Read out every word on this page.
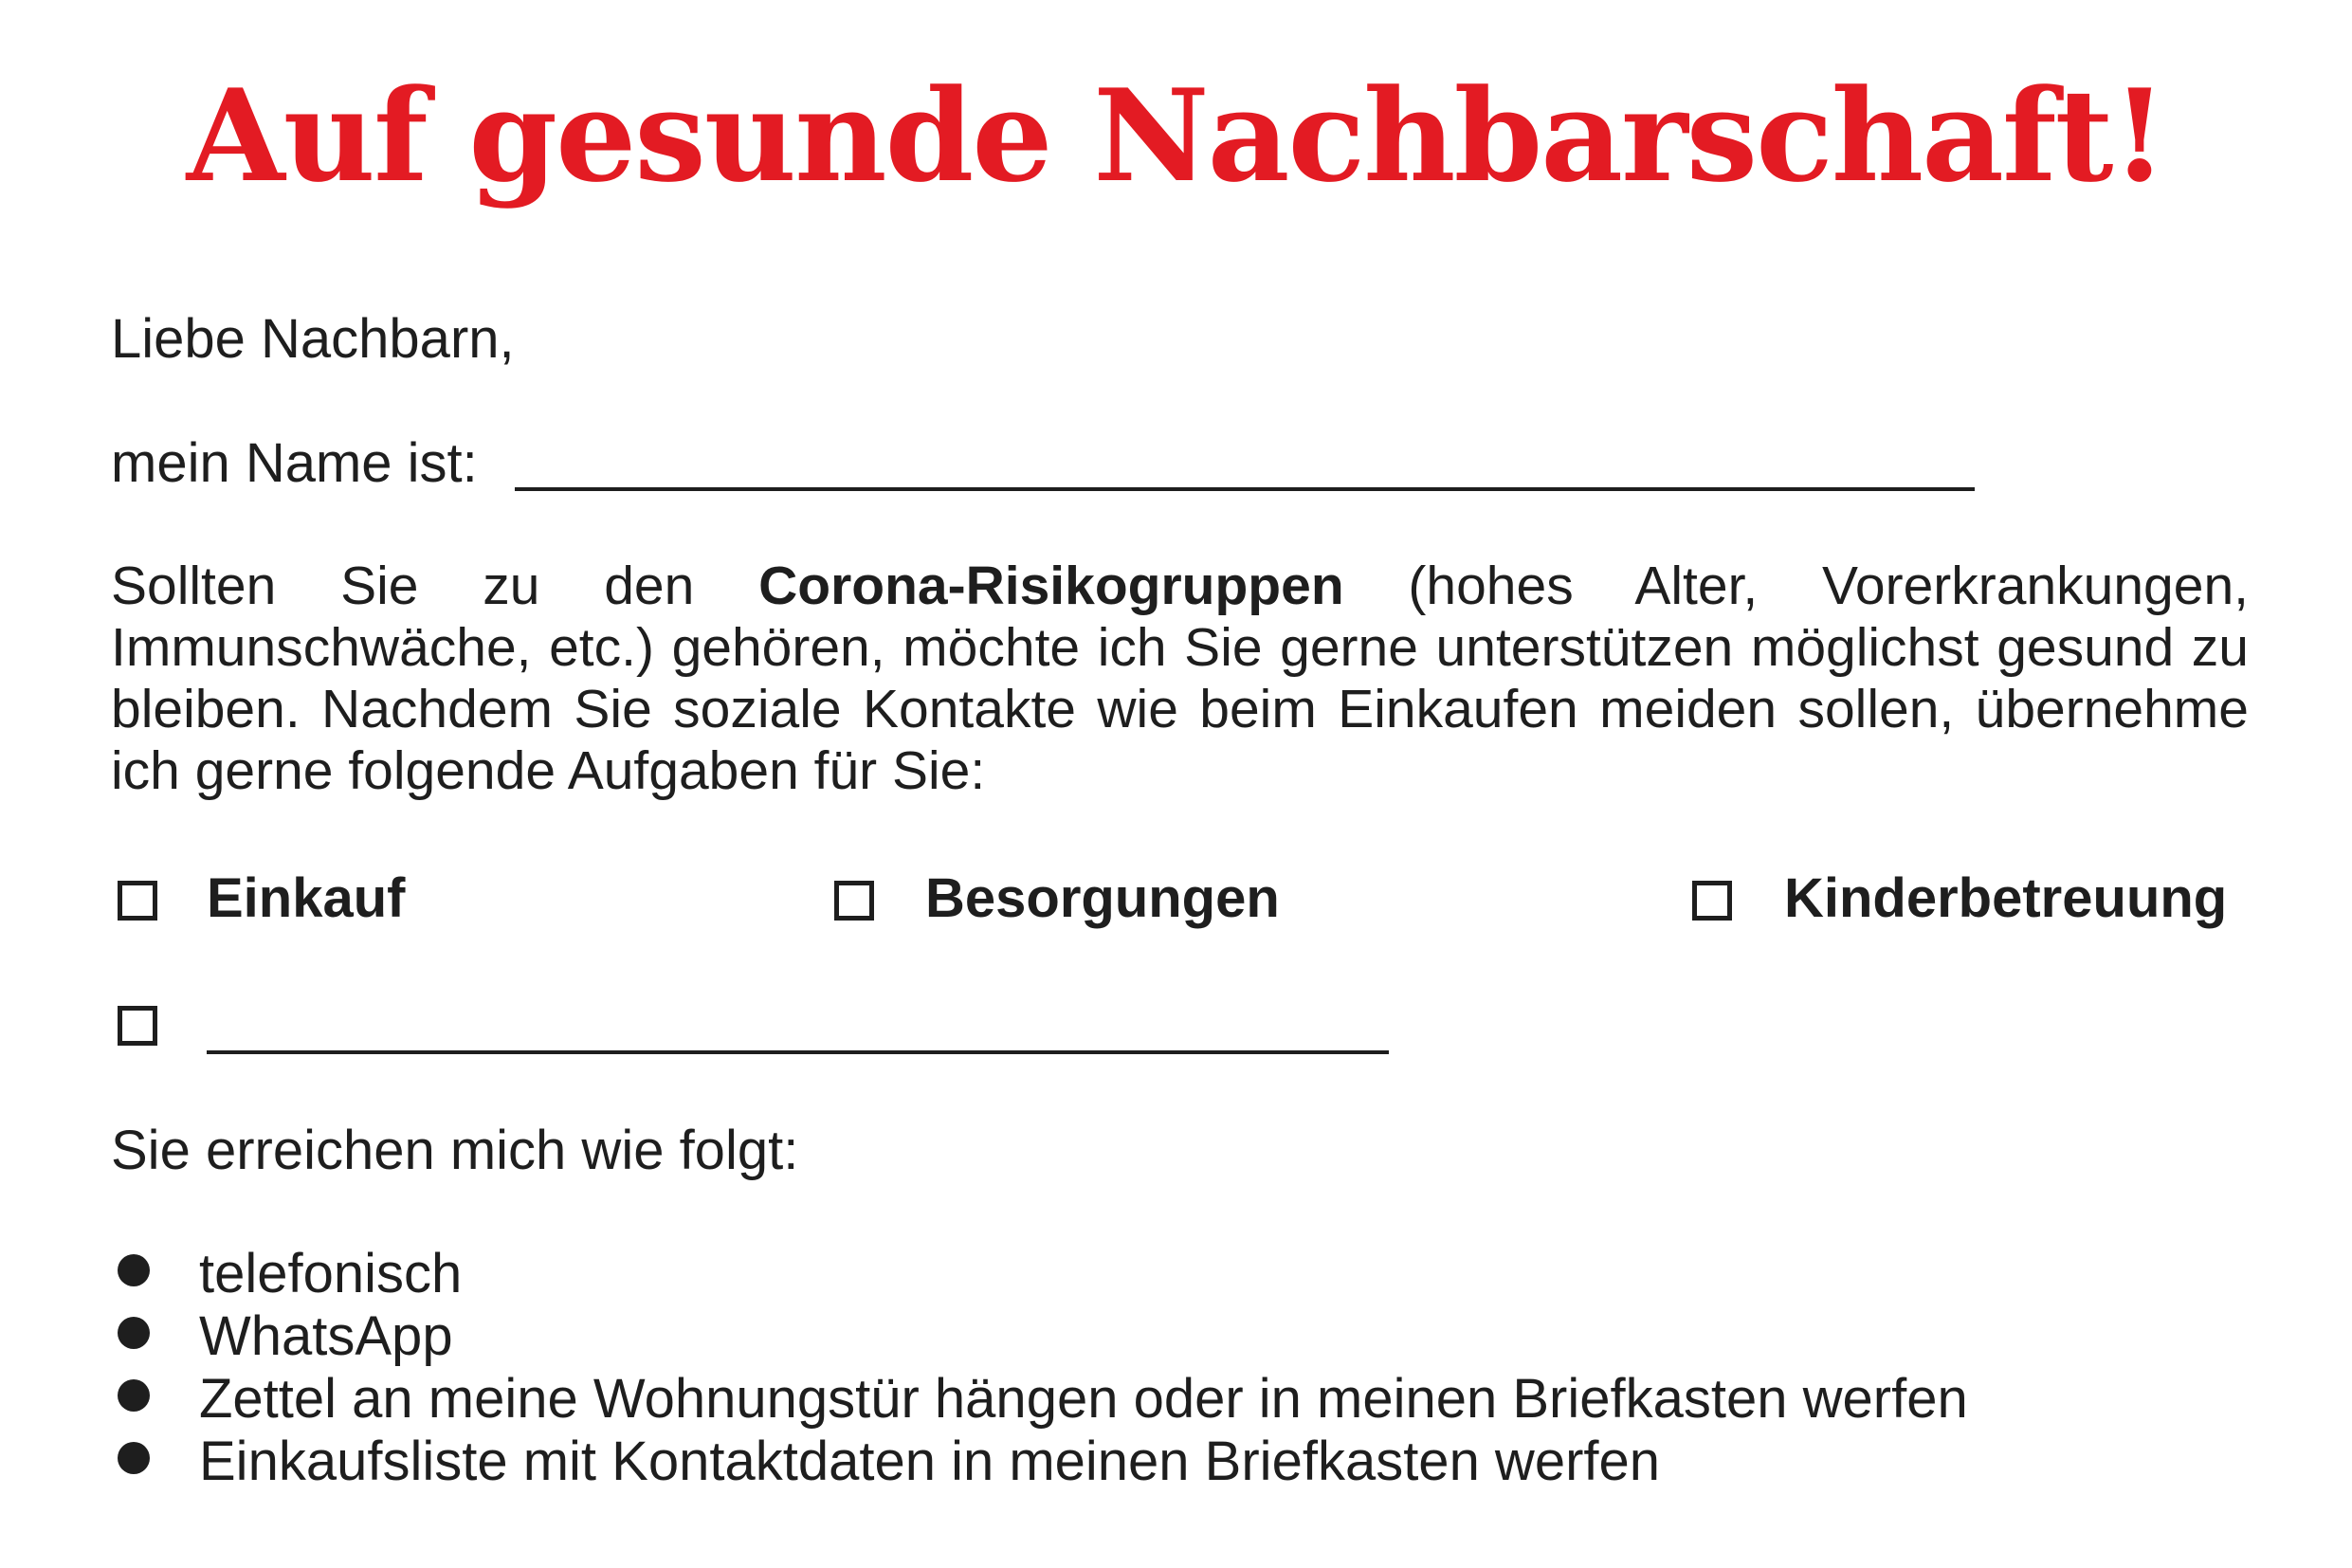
Auf gesunde Nachbarschaft!

Liebe Nachbarn,

mein Name ist:

Sollten Sie zu den Corona-Risikogruppen (hohes Alter, Vorerkrankungen, Immunschwäche, etc.) gehören, möchte ich Sie gerne unterstützen möglichst gesund zu bleiben. Nachdem Sie soziale Kontakte wie beim Einkaufen meiden sollen, übernehme ich gerne folgende Aufgaben für Sie:

Einkauf	Besorgungen	Kinderbetreuung

Sie erreichen mich wie folgt:

telefonisch
WhatsApp
Zettel an meine Wohnungstür hängen oder in meinen Briefkasten werfen
Einkaufsliste mit Kontaktdaten in meinen Briefkasten werfen
